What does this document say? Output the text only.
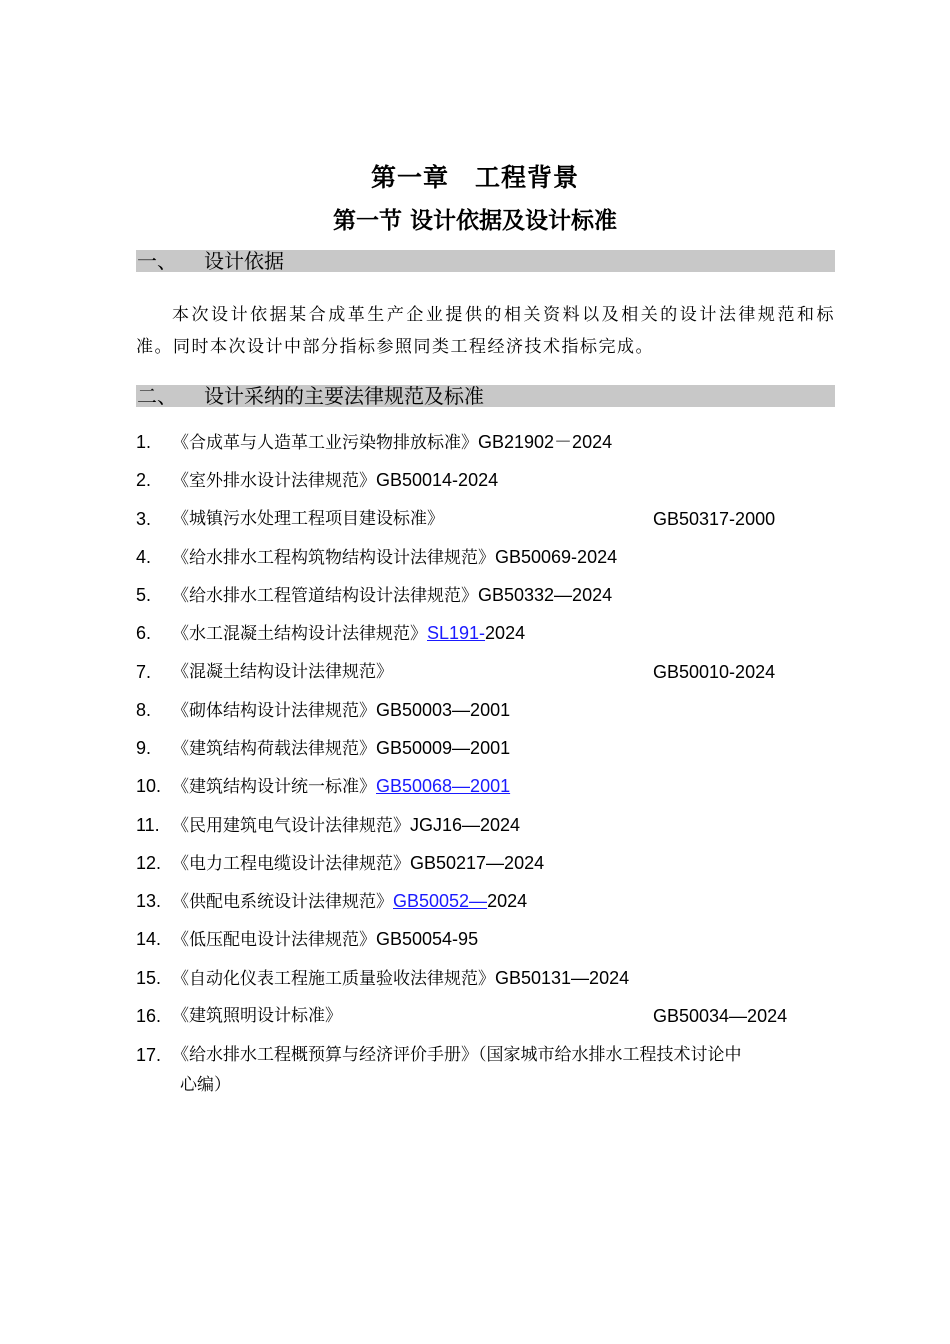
第一章　工程背景
第一节 设计依据及设计标准
一、 设计依据
本次设计依据某合成革生产企业提供的相关资料以及相关的设计法律规范和标准。同时本次设计中部分指标参照同类工程经济技术指标完成。
二、 设计采纳的主要法律规范及标准
1. 《合成革与人造革工业污染物排放标准》GB21902－2024
2. 《室外排水设计法律规范》GB50014-2024
3. 《城镇污水处理工程项目建设标准》	GB50317-2000
4. 《给水排水工程构筑物结构设计法律规范》GB50069-2024
5. 《给水排水工程管道结构设计法律规范》GB50332—2024
6. 《水工混凝土结构设计法律规范》SL191-2024
7. 《混凝土结构设计法律规范》	GB50010-2024
8. 《砌体结构设计法律规范》GB50003—2001
9. 《建筑结构荷载法律规范》GB50009—2001
10. 《建筑结构设计统一标准》GB50068—2001
11. 《民用建筑电气设计法律规范》JGJ16—2024
12. 《电力工程电缆设计法律规范》GB50217—2024
13. 《供配电系统设计法律规范》GB50052—2024
14. 《低压配电设计法律规范》GB50054-95
15. 《自动化仪表工程施工质量验收法律规范》GB50131—2024
16. 《建筑照明设计标准》	GB50034—2024
17. 《给水排水工程概预算与经济评价手册》（国家城市给水排水工程技术讨论中
心编）
